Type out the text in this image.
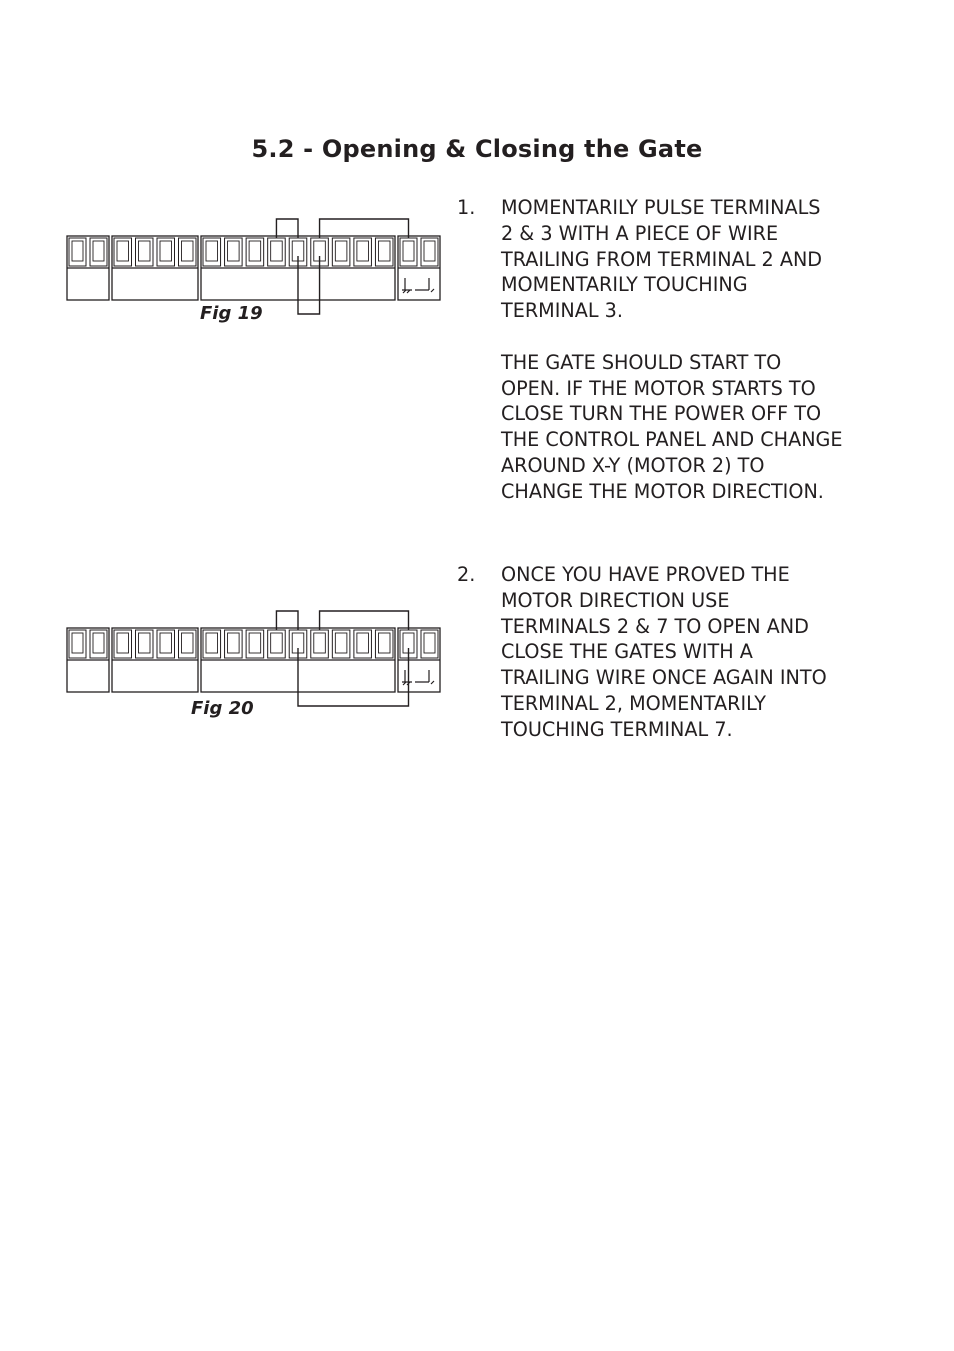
5.2 - Opening & Closing the Gate
1. MOMENTARILY PULSE TERMINALS
2 & 3 WITH A PIECE OF WIRE
TRAILING FROM TERMINAL 2 AND
MOMENTARILY TOUCHING
TERMINAL 3.

THE GATE SHOULD START TO
OPEN. IF THE MOTOR STARTS TO
CLOSE TURN THE POWER OFF TO
THE CONTROL PANEL AND CHANGE
AROUND X-Y (MOTOR 2) TO
CHANGE THE MOTOR DIRECTION.

2. ONCE YOU HAVE PROVED THE
MOTOR DIRECTION USE
TERMINALS 2 & 7 TO OPEN AND
CLOSE THE GATES WITH A
TRAILING WIRE ONCE AGAIN INTO
TERMINAL 2, MOMENTARILY
TOUCHING TERMINAL 7.

Fig 19
Fig 20
